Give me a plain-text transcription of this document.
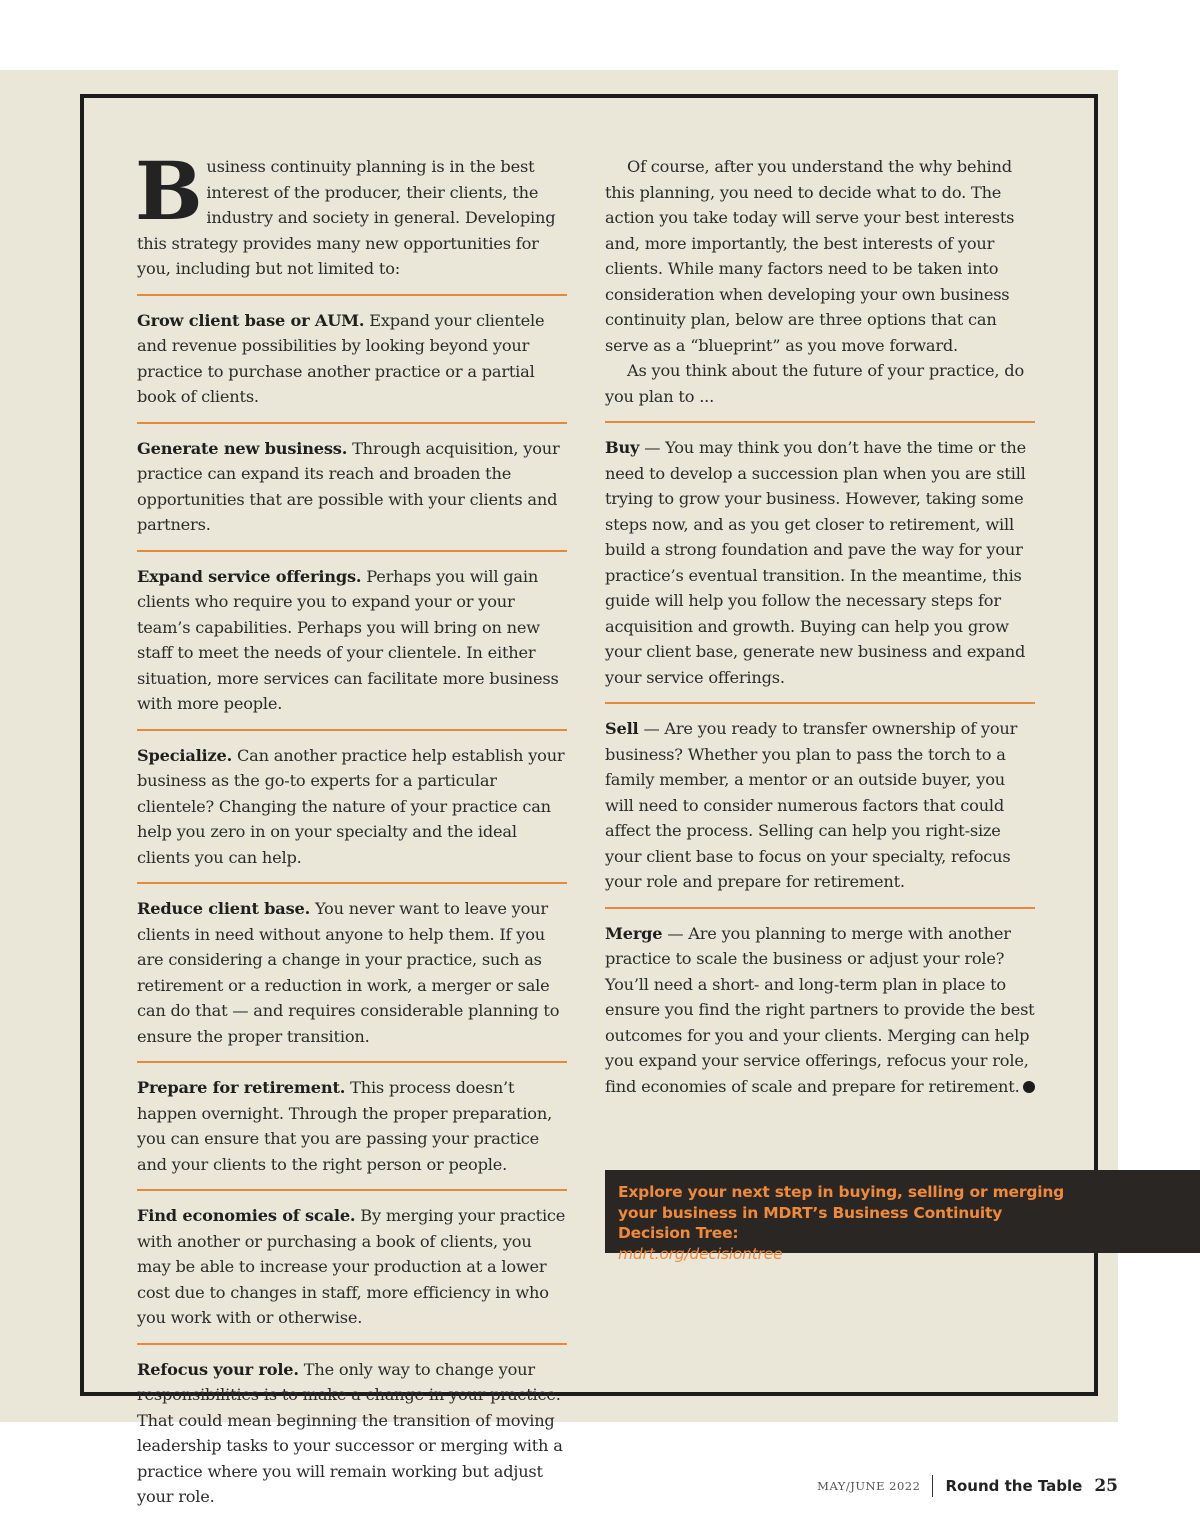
Business continuity planning is in the best interest of the producer, their clients, the industry and society in general. Developing this strategy provides many new opportunities for you, including but not limited to:

Grow client base or AUM. Expand your clientele and revenue possibilities by looking beyond your practice to purchase another practice or a partial book of clients.

Generate new business. Through acquisition, your practice can expand its reach and broaden the opportunities that are possible with your clients and partners.

Expand service offerings. Perhaps you will gain clients who require you to expand your or your team’s capabilities. Perhaps you will bring on new staff to meet the needs of your clientele. In either situation, more services can facilitate more business with more people.

Specialize. Can another practice help establish your business as the go-to experts for a particular clientele? Changing the nature of your practice can help you zero in on your specialty and the ideal clients you can help.

Reduce client base. You never want to leave your clients in need without anyone to help them. If you are considering a change in your practice, such as retirement or a reduction in work, a merger or sale can do that — and requires considerable planning to ensure the proper transition.

Prepare for retirement. This process doesn’t happen overnight. Through the proper preparation, you can ensure that you are passing your practice and your clients to the right person or people.

Find economies of scale. By merging your practice with another or purchasing a book of clients, you may be able to increase your production at a lower cost due to changes in staff, more efficiency in who you work with or otherwise.

Refocus your role. The only way to change your responsibilities is to make a change in your practice. That could mean beginning the transition of moving leadership tasks to your successor or merging with a practice where you will remain working but adjust your role.

Of course, after you understand the why behind this planning, you need to decide what to do. The action you take today will serve your best interests and, more importantly, the best interests of your clients. While many factors need to be taken into consideration when developing your own business continuity plan, below are three options that can serve as a “blueprint” as you move forward.

As you think about the future of your practice, do you plan to ...

Buy — You may think you don’t have the time or the need to develop a succession plan when you are still trying to grow your business. However, taking some steps now, and as you get closer to retirement, will build a strong foundation and pave the way for your practice’s eventual transition. In the meantime, this guide will help you follow the necessary steps for acquisition and growth. Buying can help you grow your client base, generate new business and expand your service offerings.

Sell — Are you ready to transfer ownership of your business? Whether you plan to pass the torch to a family member, a mentor or an outside buyer, you will need to consider numerous factors that could affect the process. Selling can help you right-size your client base to focus on your specialty, refocus your role and prepare for retirement.

Merge — Are you planning to merge with another practice to scale the business or adjust your role? You’ll need a short- and long-term plan in place to ensure you find the right partners to provide the best outcomes for you and your clients. Merging can help you expand your service offerings, refocus your role, find economies of scale and prepare for retirement.

Explore your next step in buying, selling or merging your business in MDRT’s Business Continuity Decision Tree:
mdrt.org/decisiontree
MAY/JUNE 2022 Round the Table 25
